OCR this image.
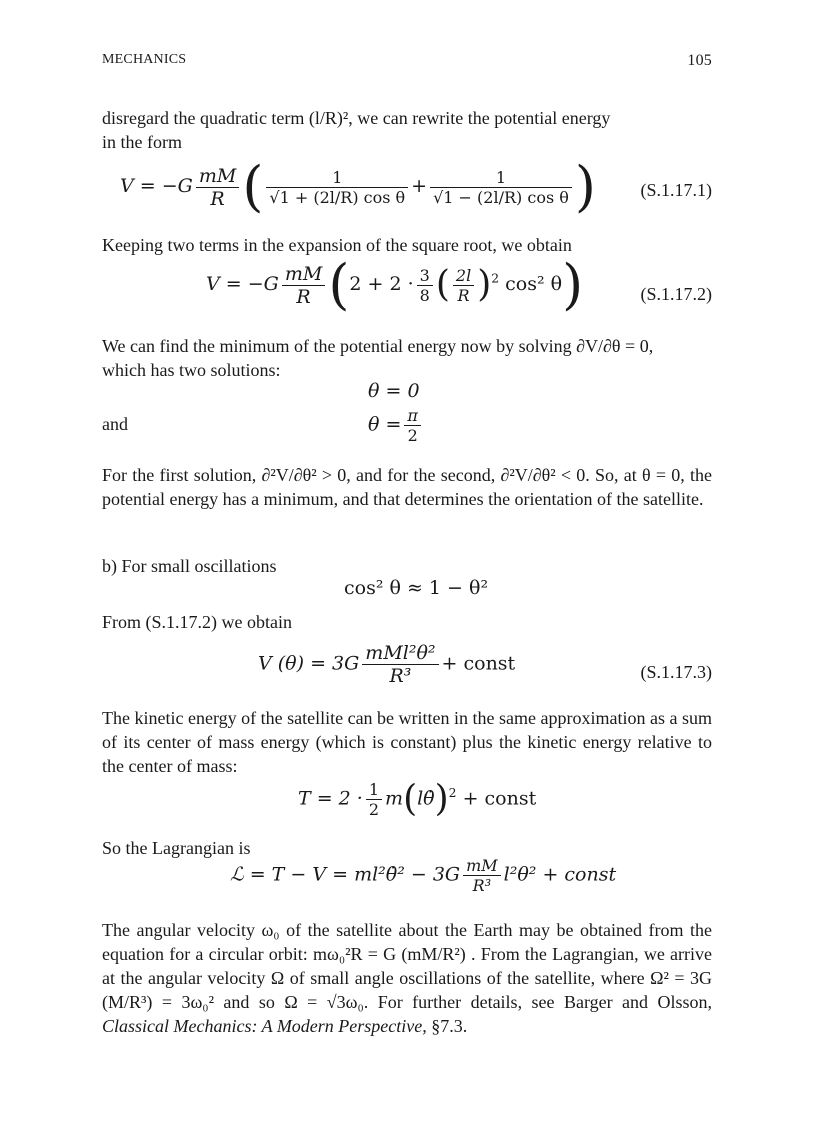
MECHANICS	105
disregard the quadratic term (l/R)², we can rewrite the potential energy
in the form
$V = -G \frac{mM}{R}$ ( $\frac{1}{\text{√1 + (2l/R) cos θ}} + \frac{1}{\text{√1 − (2l/R) cos θ}}$ ) (S.1.17.1)
Keeping two terms in the expansion of the square root, we obtain
$V = -G \frac{mM}{R} (2 + 2 \cdot \frac{3}{8}$ ( $\frac{2l}{R} )^2$ cos² θ)	(S.1.17.2)
We can find the minimum of the potential energy now by solving ∂V/∂θ = 0,
which has two solutions:
θ = 0
and	$\theta = \frac{\pi}{2}$
For the first solution, ∂²V/∂θ² > 0, and for the second, ∂²V/∂θ² < 0. So, at θ = 0, the potential energy has a minimum, and that determines the orientation of the satellite.
b) For small oscillations
cos² θ ≈ 1 − θ²
From (S.1.17.2) we obtain
V $(\theta) = 3G \frac{\text{mMl²θ²}}{\text{R³}}$ + const	(S.1.17.3)
The kinetic energy of the satellite can be written in the same approximation as a sum of its center of mass energy (which is constant) plus the kinetic energy relative to the center of mass:
$T = 2 \cdot \frac{1}{2}$ m(lθ̇)$^2$ + const
So the Lagrangian is
ℒ = T − V = ml²θ̇² − $3G \frac{mM}{\text{R³}} l^2\theta^2$ + const
The angular velocity ω₀ of the satellite about the Earth may be obtained from the equation for a circular orbit: mω₀²R = G (mM/R²) . From the Lagrangian, we arrive at the angular velocity Ω of small angle oscillations of the satellite, where Ω² = 3G (M/R³) = 3ω₀² and so Ω = √3ω₀. For further details, see Barger and Olsson, Classical Mechanics: A Modern Perspective, §7.3.
